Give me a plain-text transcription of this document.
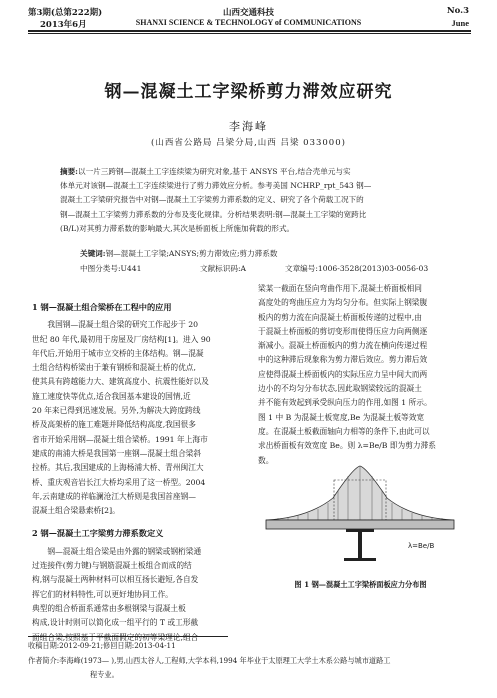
第3期(总第222期)	山西交通科技	No.3
2013年6月	SHANXI SCIENCE & TECHNOLOGY of COMMUNICATIONS	June
钢—混凝土工字梁桥剪力滞效应研究
李海峰
(山西省公路局 吕梁分局,山西 吕梁 033000)
摘要:以一片三跨钢—混凝土工字连续梁为研究对象,基于 ANSYS 平台,结合壳单元与实
体单元对该钢—混凝土工字连续梁进行了剪力滞效应分析。参考美国 NCHRP_rpt_543 钢—
混凝土工字梁研究报告中对钢—混凝土工字梁剪力滞系数的定义、研究了各个荷载工况下的
钢—混凝土工字梁剪力滞系数的分布及变化规律。分析结果表明:钢—混凝土工字梁的宽跨比
(B/L)对其剪力滞系数的影响最大,其次是桥面板上所施加荷载的形式。
关键词:钢—混凝土工字梁;ANSYS;剪力滞效应;剪力滞系数
中图分类号:U441	文献标识码:A	文章编号:1006-3528(2013)03-0056-03
1 钢—混凝土组合梁桥在工程中的应用
我国钢—混凝土组合梁的研究工作起步于 20
世纪 80 年代,最初用于房屋及厂房结构[1]。进入 90
年代后,开始用于城市立交桥的主体结构。钢—混凝
土组合结构桥梁由于兼有钢桥和混凝土桥的优点,
使其具有跨越能力大、建筑高度小、抗震性能好以及
施工速度快等优点,适合我国基本建设的国情,近
20 年来已得到迅速发展。另外,为解决大跨度跨线
桥及高架桥的施工难题并降低结构高度,我国很多
省市开始采用钢—混凝土组合梁桥。1991 年上海市
建成的南浦大桥是我国第一座钢—混凝土组合梁斜
拉桥。其后,我国建成的上海杨浦大桥、青州闽江大
桥、重庆观音岩长江大桥均采用了这一桥型。2004
年,云南建成的祥临澜沧江大桥则是我国首座钢—
混凝土组合梁悬索桥[2]。
2 钢—混凝土工字梁剪力滞系数定义
钢—混凝土组合梁是由外露的钢梁或钢桁梁通
过连接件(剪力键)与钢筋混凝土板组合而成的结
构,钢与混凝土两种材料可以相互扬长避短,各自发
挥它们的材料特性,可以更好地协同工作。
典型的组合桥面系通常由多根钢梁与混凝土板
构成,设计时则可以简化成一组平行的 T 或工形截
面组合梁,按照基于平截面假定的初等梁理论,组合
梁某一截面在竖向弯曲作用下,混凝土桥面板相同
高度处的弯曲压应力为均匀分布。但实际上钢梁腹
板内的剪力流在向混凝土桥面板传递的过程中,由
于混凝土桥面板的剪切变形而使得压应力向两侧逐
渐减小。混凝土桥面板内的剪力流在横向传递过程
中的这种滞后现象称为剪力滞后效应。剪力滞后效
应使得混凝土桥面板内的实际压应力呈中间大而两
边小的不均匀分布状态,因此取钢梁较远的混凝土
并不能有效起到承受纵向压力的作用,如图 1 所示。
图 1 中 B 为混凝土板宽度,Be 为混凝土板等效宽
度。在混凝土板截面轴向力相等的条件下,由此可以
求出桥面板有效宽度 Be。则 λ=Be/B 即为剪力滞系
数。
λ=Be/B
图 1 钢—混凝土工字梁桥面板应力分布图
收稿日期:2012-09-21;修回日期:2013-04-11
作者简介:李海峰(1973— ),男,山西太谷人,工程师,大学本科,1994 年毕业于太原理工大学土木系公路与城市道路工
程专业。
